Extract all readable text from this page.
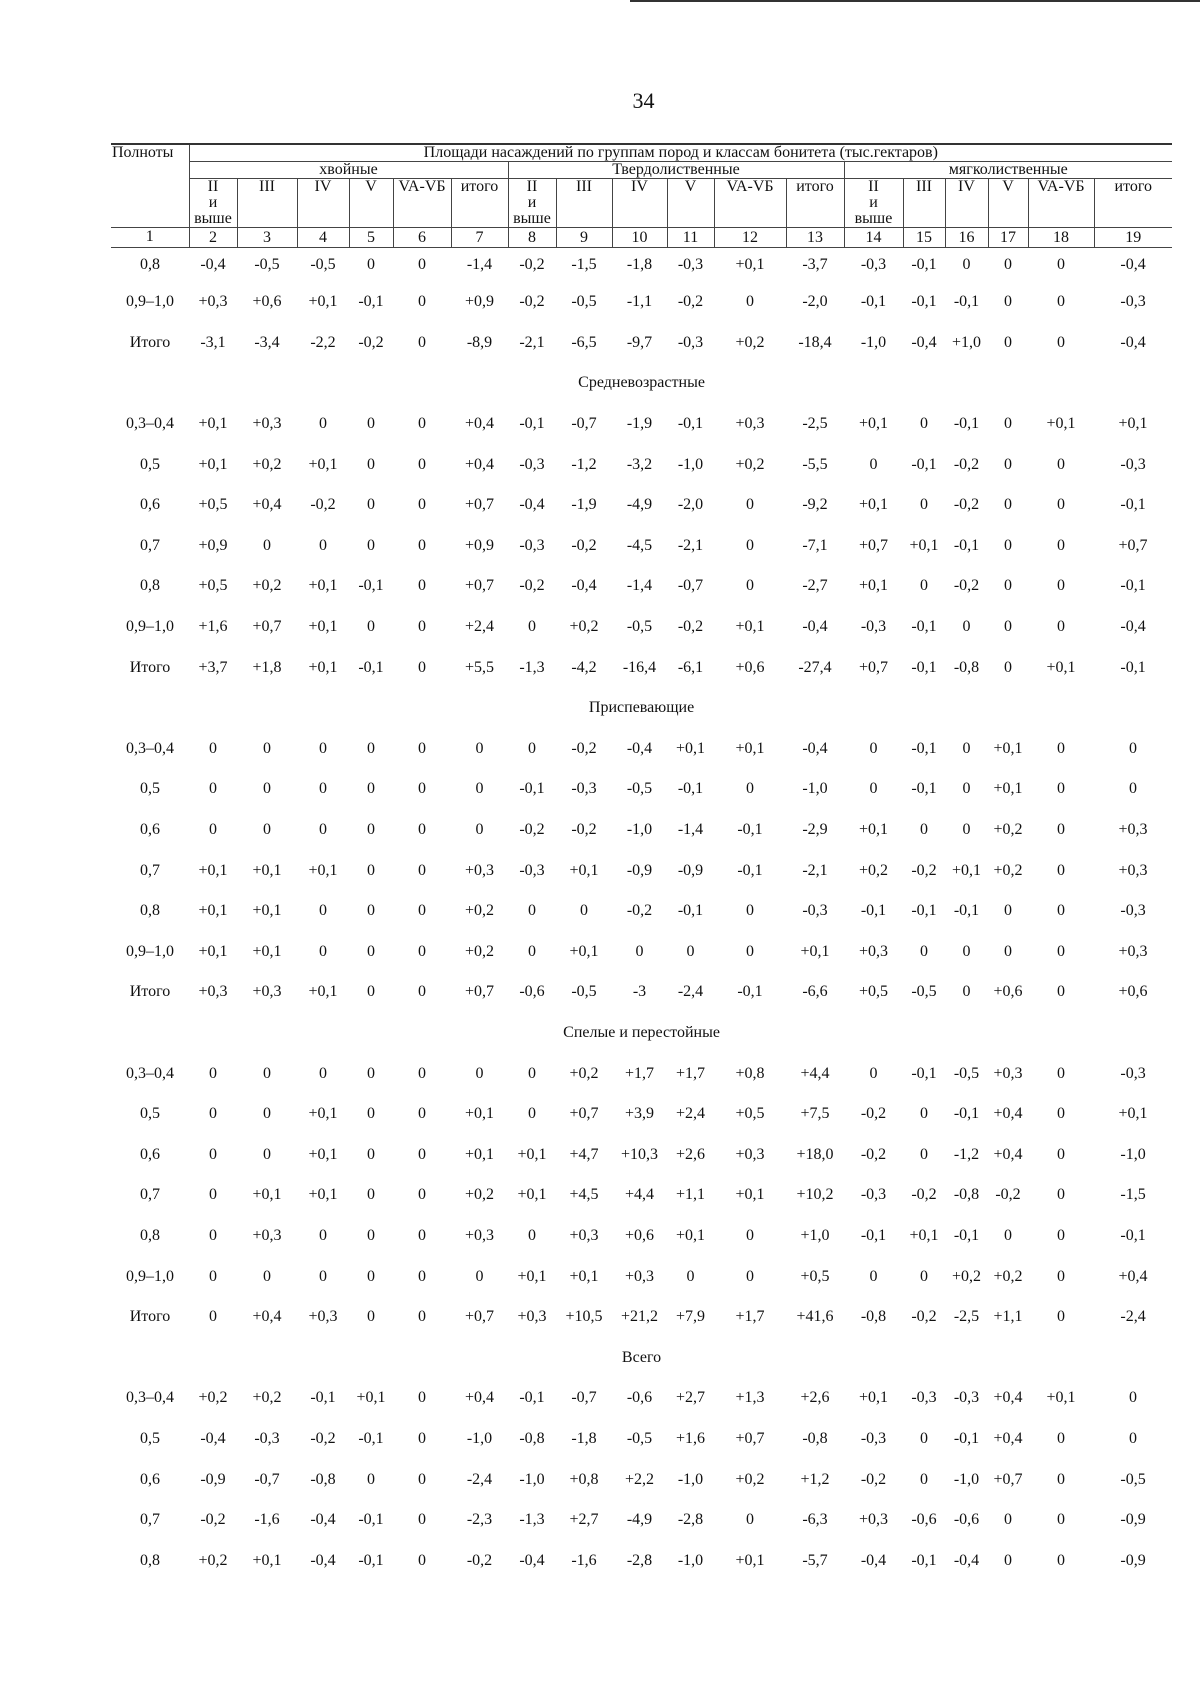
34
Полноты	Площади насаждений по группам пород и классам бонитета (тыс.гектаров)																	
	хвойные						Твердолиственные						мягколиственные					
	II
и
выше	III	IV	V	VA-VБ	итого	II
и
выше	III	IV	V	VA-VБ	итого	II
и
выше	III	IV	V	VA-VБ	итого
1	2	3	4	5	6	7	8	9	10	11	12	13	14	15	16	17	18	19
0,8	-0,4	-0,5	-0,5	0	0	-1,4	-0,2	-1,5	-1,8	-0,3	+0,1	-3,7	-0,3	-0,1	0	0	0	-0,4
0,9–1,0	+0,3	+0,6	+0,1	-0,1	0	+0,9	-0,2	-0,5	-1,1	-0,2	0	-2,0	-0,1	-0,1	-0,1	0	0	-0,3
Итого	-3,1	-3,4	-2,2	-0,2	0	-8,9	-2,1	-6,5	-9,7	-0,3	+0,2	-18,4	-1,0	-0,4	+1,0	0	0	-0,4
Средневозрастные																		
0,3–0,4	+0,1	+0,3	0	0	0	+0,4	-0,1	-0,7	-1,9	-0,1	+0,3	-2,5	+0,1	0	-0,1	0	+0,1	+0,1
0,5	+0,1	+0,2	+0,1	0	0	+0,4	-0,3	-1,2	-3,2	-1,0	+0,2	-5,5	0	-0,1	-0,2	0	0	-0,3
0,6	+0,5	+0,4	-0,2	0	0	+0,7	-0,4	-1,9	-4,9	-2,0	0	-9,2	+0,1	0	-0,2	0	0	-0,1
0,7	+0,9	0	0	0	0	+0,9	-0,3	-0,2	-4,5	-2,1	0	-7,1	+0,7	+0,1	-0,1	0	0	+0,7
0,8	+0,5	+0,2	+0,1	-0,1	0	+0,7	-0,2	-0,4	-1,4	-0,7	0	-2,7	+0,1	0	-0,2	0	0	-0,1
0,9–1,0	+1,6	+0,7	+0,1	0	0	+2,4	0	+0,2	-0,5	-0,2	+0,1	-0,4	-0,3	-0,1	0	0	0	-0,4
Итого	+3,7	+1,8	+0,1	-0,1	0	+5,5	-1,3	-4,2	-16,4	-6,1	+0,6	-27,4	+0,7	-0,1	-0,8	0	+0,1	-0,1
Приспевающие																		
0,3–0,4	0	0	0	0	0	0	0	-0,2	-0,4	+0,1	+0,1	-0,4	0	-0,1	0	+0,1	0	0
0,5	0	0	0	0	0	0	-0,1	-0,3	-0,5	-0,1	0	-1,0	0	-0,1	0	+0,1	0	0
0,6	0	0	0	0	0	0	-0,2	-0,2	-1,0	-1,4	-0,1	-2,9	+0,1	0	0	+0,2	0	+0,3
0,7	+0,1	+0,1	+0,1	0	0	+0,3	-0,3	+0,1	-0,9	-0,9	-0,1	-2,1	+0,2	-0,2	+0,1	+0,2	0	+0,3
0,8	+0,1	+0,1	0	0	0	+0,2	0	0	-0,2	-0,1	0	-0,3	-0,1	-0,1	-0,1	0	0	-0,3
0,9–1,0	+0,1	+0,1	0	0	0	+0,2	0	+0,1	0	0	0	+0,1	+0,3	0	0	0	0	+0,3
Итого	+0,3	+0,3	+0,1	0	0	+0,7	-0,6	-0,5	-3	-2,4	-0,1	-6,6	+0,5	-0,5	0	+0,6	0	+0,6
Спелые и перестойные																		
0,3–0,4	0	0	0	0	0	0	0	+0,2	+1,7	+1,7	+0,8	+4,4	0	-0,1	-0,5	+0,3	0	-0,3
0,5	0	0	+0,1	0	0	+0,1	0	+0,7	+3,9	+2,4	+0,5	+7,5	-0,2	0	-0,1	+0,4	0	+0,1
0,6	0	0	+0,1	0	0	+0,1	+0,1	+4,7	+10,3	+2,6	+0,3	+18,0	-0,2	0	-1,2	+0,4	0	-1,0
0,7	0	+0,1	+0,1	0	0	+0,2	+0,1	+4,5	+4,4	+1,1	+0,1	+10,2	-0,3	-0,2	-0,8	-0,2	0	-1,5
0,8	0	+0,3	0	0	0	+0,3	0	+0,3	+0,6	+0,1	0	+1,0	-0,1	+0,1	-0,1	0	0	-0,1
0,9–1,0	0	0	0	0	0	0	+0,1	+0,1	+0,3	0	0	+0,5	0	0	+0,2	+0,2	0	+0,4
Итого	0	+0,4	+0,3	0	0	+0,7	+0,3	+10,5	+21,2	+7,9	+1,7	+41,6	-0,8	-0,2	-2,5	+1,1	0	-2,4
Всего																		
0,3–0,4	+0,2	+0,2	-0,1	+0,1	0	+0,4	-0,1	-0,7	-0,6	+2,7	+1,3	+2,6	+0,1	-0,3	-0,3	+0,4	+0,1	0
0,5	-0,4	-0,3	-0,2	-0,1	0	-1,0	-0,8	-1,8	-0,5	+1,6	+0,7	-0,8	-0,3	0	-0,1	+0,4	0	0
0,6	-0,9	-0,7	-0,8	0	0	-2,4	-1,0	+0,8	+2,2	-1,0	+0,2	+1,2	-0,2	0	-1,0	+0,7	0	-0,5
0,7	-0,2	-1,6	-0,4	-0,1	0	-2,3	-1,3	+2,7	-4,9	-2,8	0	-6,3	+0,3	-0,6	-0,6	0	0	-0,9
0,8	+0,2	+0,1	-0,4	-0,1	0	-0,2	-0,4	-1,6	-2,8	-1,0	+0,1	-5,7	-0,4	-0,1	-0,4	0	0	-0,9
